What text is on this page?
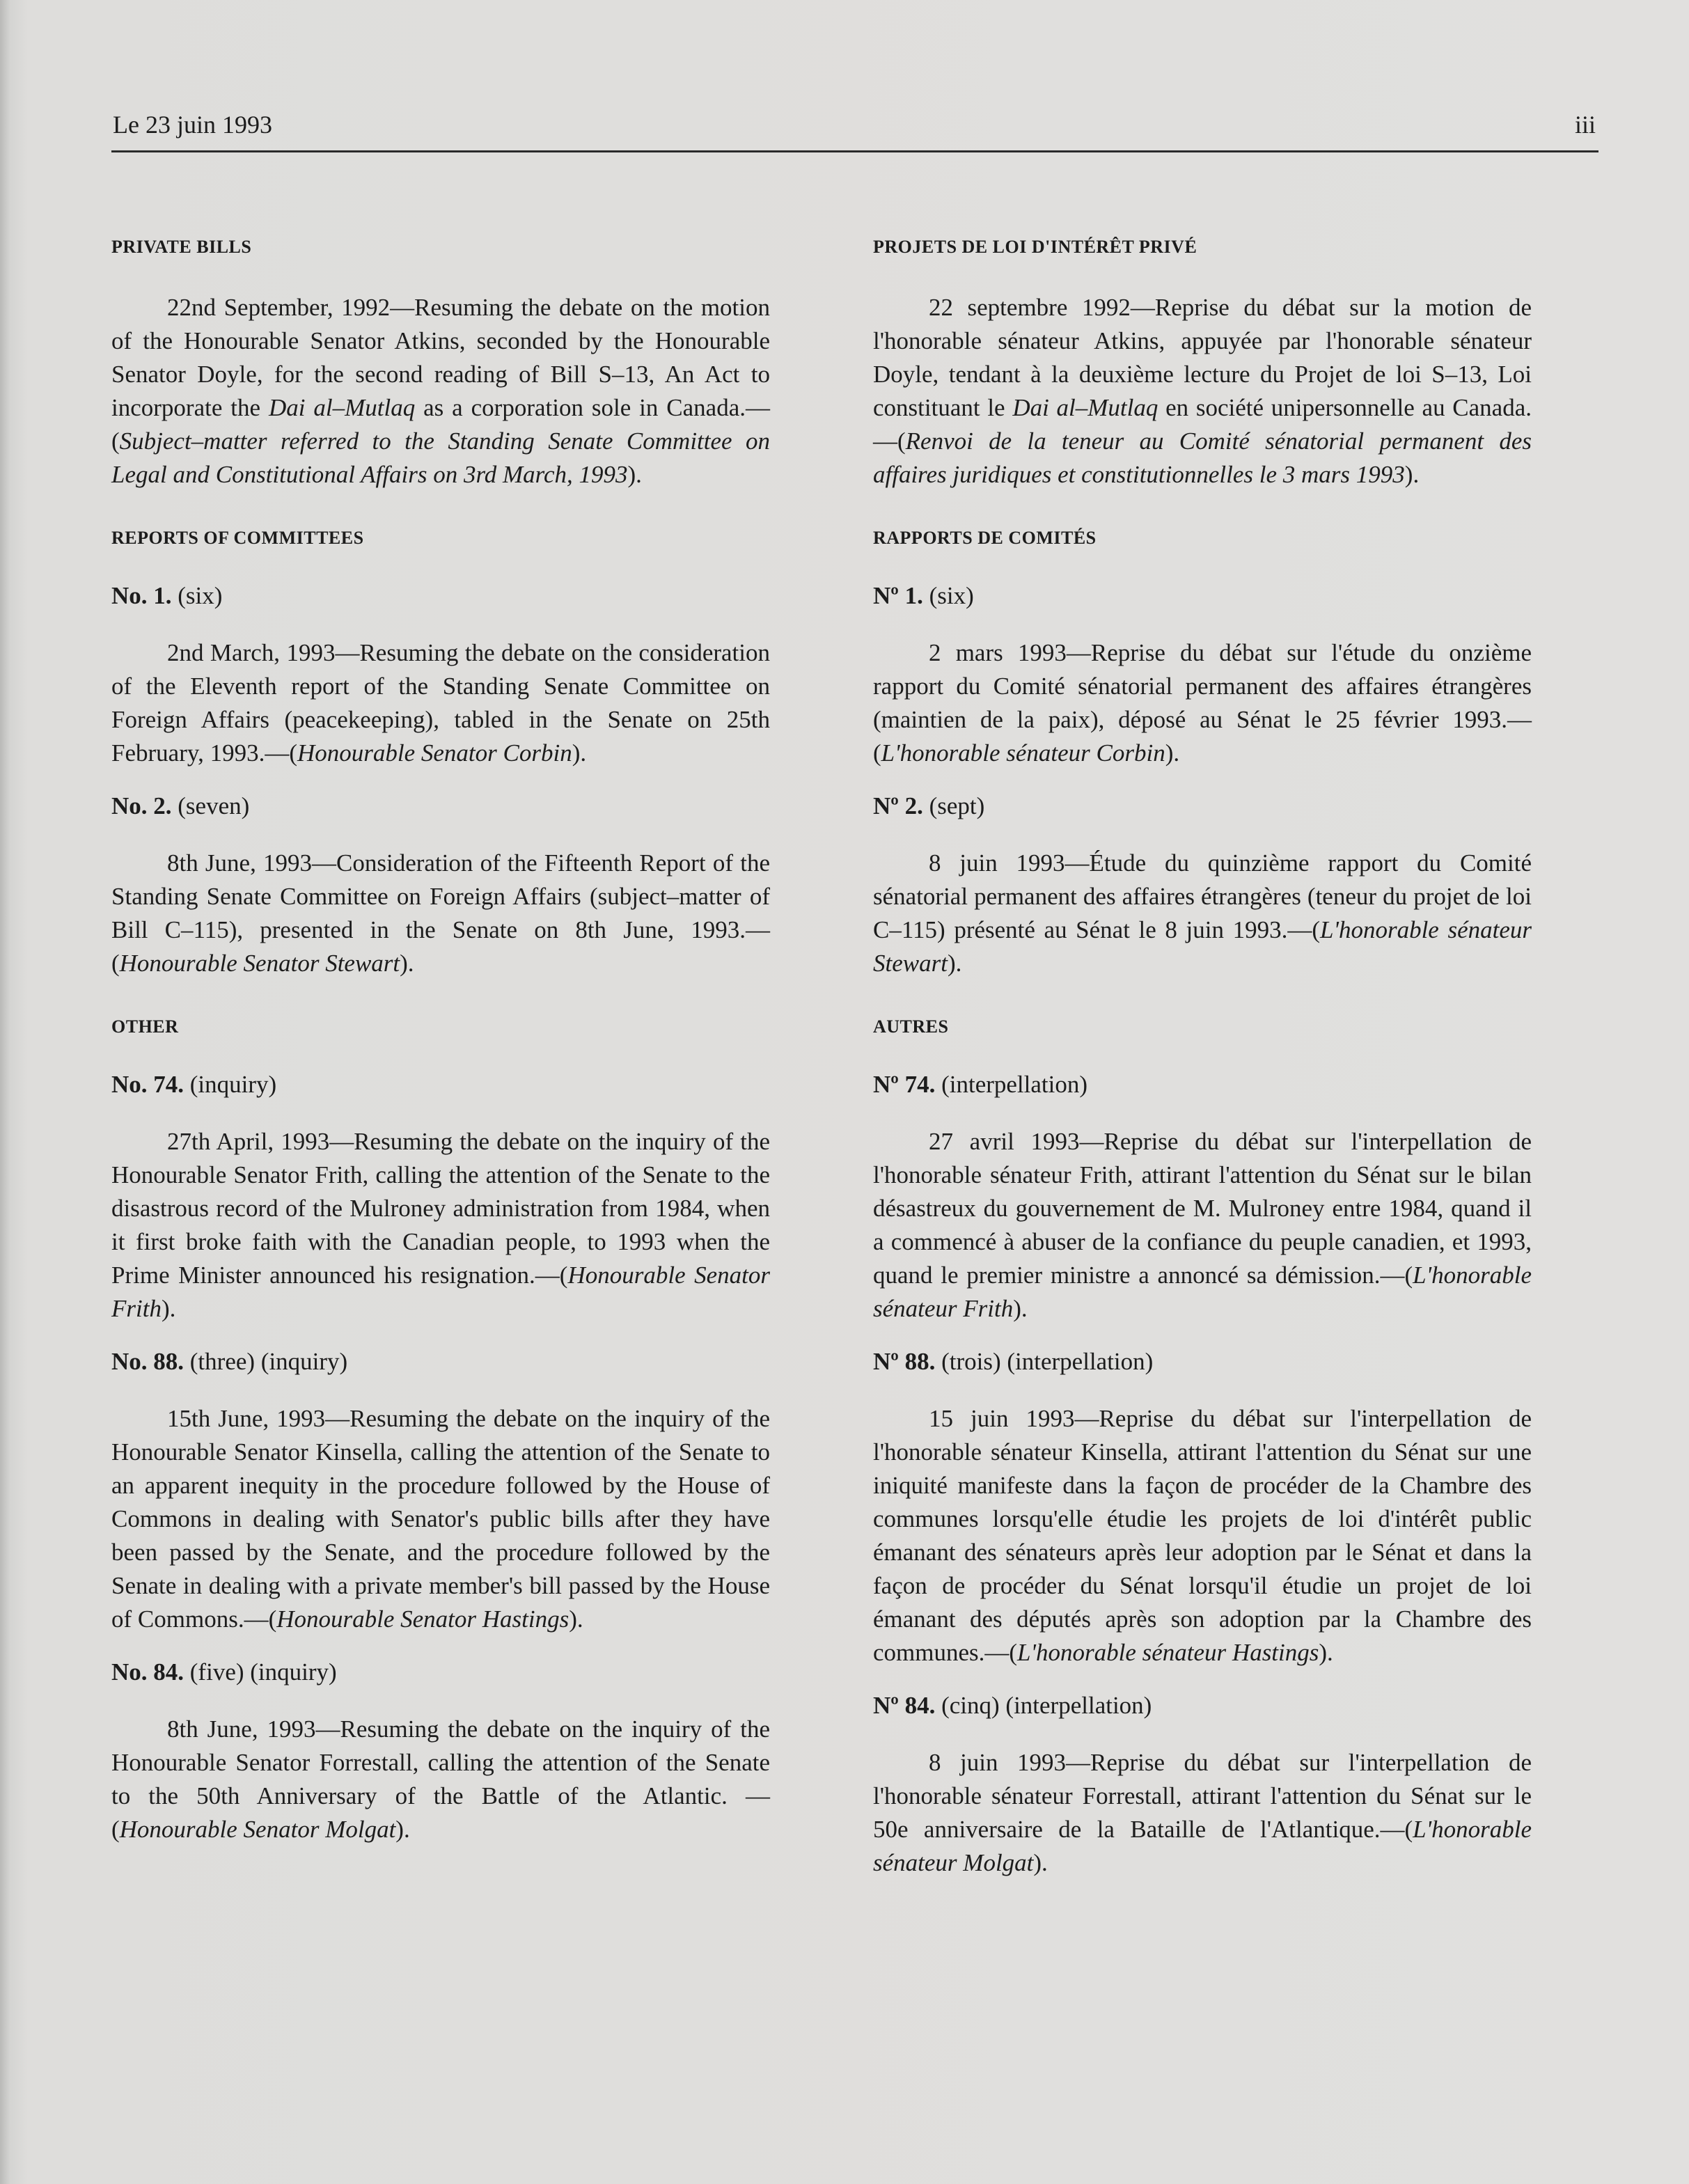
Le 23 juin 1993	iii
PRIVATE BILLS

22nd September, 1992—Resuming the debate on the motion of the Honourable Senator Atkins, seconded by the Honourable Senator Doyle, for the second reading of Bill S–13, An Act to incorporate the Dai al–Mutlaq as a corporation sole in Canada.—(Subject–matter referred to the Standing Senate Committee on Legal and Constitutional Affairs on 3rd March, 1993).

REPORTS OF COMMITTEES
No. 1. (six)

2nd March, 1993—Resuming the debate on the consideration of the Eleventh report of the Standing Senate Committee on Foreign Affairs (peacekeeping), tabled in the Senate on 25th February, 1993.—(Honourable Senator Corbin).

No. 2. (seven)

8th June, 1993—Consideration of the Fifteenth Report of the Standing Senate Committee on Foreign Affairs (subject–matter of Bill C–115), presented in the Senate on 8th June, 1993.—(Honourable Senator Stewart).

OTHER
No. 74. (inquiry)

27th April, 1993—Resuming the debate on the inquiry of the Honourable Senator Frith, calling the attention of the Senate to the disastrous record of the Mulroney administration from 1984, when it first broke faith with the Canadian people, to 1993 when the Prime Minister announced his resignation.—(Honourable Senator Frith).

No. 88. (three) (inquiry)

15th June, 1993—Resuming the debate on the inquiry of the Honourable Senator Kinsella, calling the attention of the Senate to an apparent inequity in the procedure followed by the House of Commons in dealing with Senator's public bills after they have been passed by the Senate, and the procedure followed by the Senate in dealing with a private member's bill passed by the House of Commons.—(Honourable Senator Hastings).

No. 84. (five) (inquiry)

8th June, 1993—Resuming the debate on the inquiry of the Honourable Senator Forrestall, calling the attention of the Senate to the 50th Anniversary of the Battle of the Atlantic. —(Honourable Senator Molgat).

PROJETS DE LOI D'INTÉRÊT PRIVÉ

22 septembre 1992—Reprise du débat sur la motion de l'honorable sénateur Atkins, appuyée par l'honorable sénateur Doyle, tendant à la deuxième lecture du Projet de loi S–13, Loi constituant le Dai al–Mutlaq en société unipersonnelle au Canada.—(Renvoi de la teneur au Comité sénatorial permanent des affaires juridiques et constitutionnelles le 3 mars 1993).

RAPPORTS DE COMITÉS
Nº 1. (six)

2 mars 1993—Reprise du débat sur l'étude du onzième rapport du Comité sénatorial permanent des affaires étrangères (maintien de la paix), déposé au Sénat le 25 février 1993.—(L'honorable sénateur Corbin).

Nº 2. (sept)

8 juin 1993—Étude du quinzième rapport du Comité sénatorial permanent des affaires étrangères (teneur du projet de loi C–115) présenté au Sénat le 8 juin 1993.—(L'honorable sénateur Stewart).

AUTRES
Nº 74. (interpellation)

27 avril 1993—Reprise du débat sur l'interpellation de l'honorable sénateur Frith, attirant l'attention du Sénat sur le bilan désastreux du gouvernement de M. Mulroney entre 1984, quand il a commencé à abuser de la confiance du peuple canadien, et 1993, quand le premier ministre a annoncé sa démission.—(L'honorable sénateur Frith).

Nº 88. (trois) (interpellation)

15 juin 1993—Reprise du débat sur l'interpellation de l'honorable sénateur Kinsella, attirant l'attention du Sénat sur une iniquité manifeste dans la façon de procéder de la Chambre des communes lorsqu'elle étudie les projets de loi d'intérêt public émanant des sénateurs après leur adoption par le Sénat et dans la façon de procéder du Sénat lorsqu'il étudie un projet de loi émanant des députés après son adoption par la Chambre des communes.—(L'honorable sénateur Hastings).

Nº 84. (cinq) (interpellation)

8 juin 1993—Reprise du débat sur l'interpellation de l'honorable sénateur Forrestall, attirant l'attention du Sénat sur le 50e anniversaire de la Bataille de l'Atlantique.—(L'honorable sénateur Molgat).
